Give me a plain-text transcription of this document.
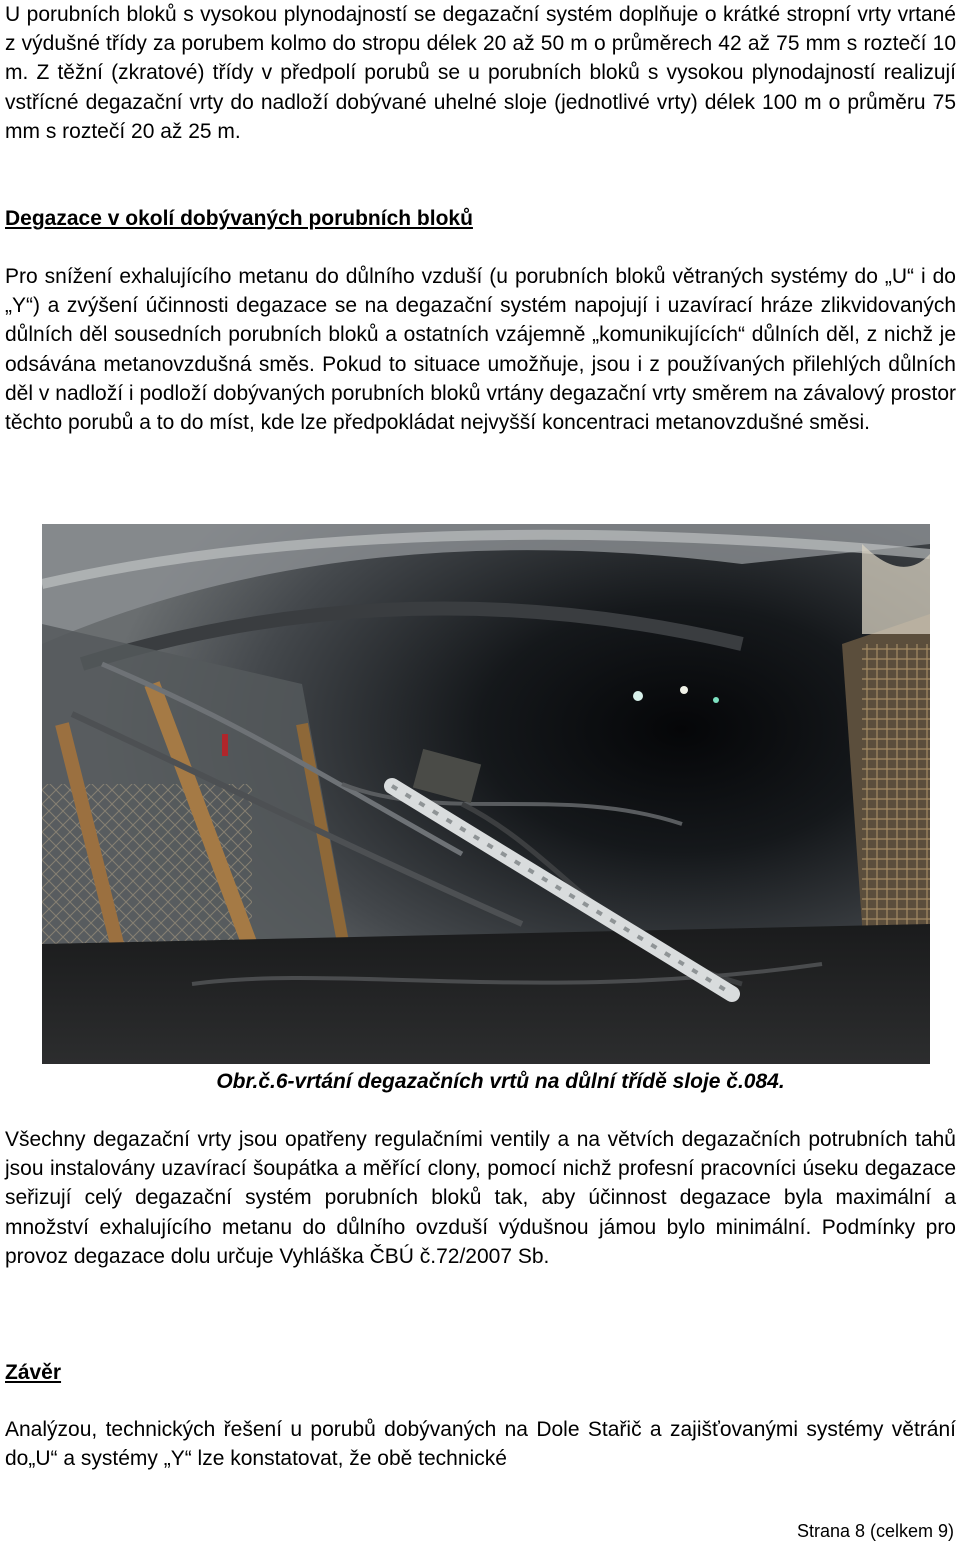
U porubních bloků s vysokou plynodajností se degazační systém doplňuje o krátké stropní vrty vrtané z výdušné třídy za porubem kolmo do stropu délek 20 až 50 m o průměrech 42 až 75 mm s roztečí 10 m. Z těžní (zkratové) třídy v předpolí porubů se u porubních bloků s vysokou plynodajností realizují vstřícné degazační vrty do nadloží dobývané uhelné sloje (jednotlivé vrty) délek 100 m o průměru 75 mm s roztečí 20 až 25 m.

Degazace v okolí dobývaných porubních bloků

Pro snížení exhalujícího metanu do důlního vzduší (u porubních bloků větraných systémy do „U“ i do „Y“) a zvýšení účinnosti degazace se na degazační systém napojují i uzavírací hráze zlikvidovaných důlních děl sousedních porubních bloků a ostatních vzájemně „komunikujících“ důlních děl, z nichž je odsávána metanovzdušná směs. Pokud to situace umožňuje, jsou i z používaných přilehlých důlních děl v nadloží i podloží dobývaných porubních bloků vrtány degazační vrty směrem na závalový prostor těchto porubů a to do míst, kde lze předpokládat nejvyšší koncentraci metanovzdušné směsi.

Obr.č.6-vrtání degazačních vrtů na důlní třídě sloje č.084.

Všechny degazační vrty jsou opatřeny regulačními ventily a na větvích degazačních potrubních tahů jsou instalovány uzavírací šoupátka a měřící clony, pomocí nichž profesní pracovníci úseku degazace seřizují celý degazační systém porubních bloků tak, aby účinnost degazace byla maximální a množství exhalujícího metanu do důlního ovzduší výdušnou jámou bylo minimální. Podmínky pro provoz degazace dolu určuje Vyhláška ČBÚ č.72/2007 Sb.

Závěr

Analýzou, technických řešení u porubů dobývaných na Dole Stařič a zajišťovanými systémy větrání do„U“ a systémy „Y“ lze konstatovat, že obě technické

Strana 8 (celkem 9)
